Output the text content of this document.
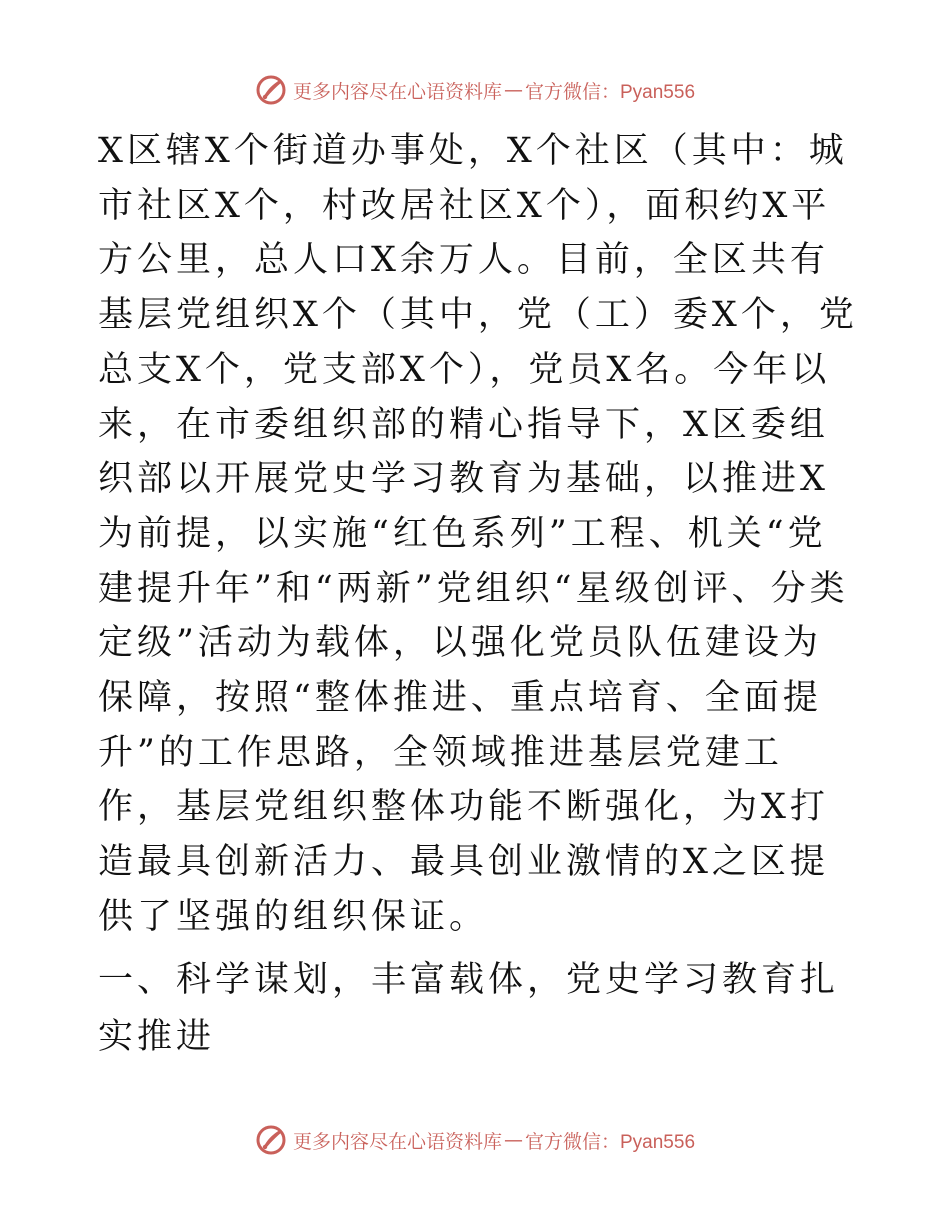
更多内容尽在心语资料库 — 官方微信：Pyan556

X区辖X个街道办事处，X个社区（其中：城市社区X个，村改居社区X个），面积约X平方公里，总人口X余万人。目前，全区共有基层党组织X个（其中，党（工）委X个，党总支X个，党支部X个），党员X名。今年以来，在市委组织部的精心指导下，X区委组织部以开展党史学习教育为基础，以推进X为前提，以实施“红色系列”工程、机关“党建提升年”和“两新”党组织“星级创评、分类定级”活动为载体，以强化党员队伍建设为保障，按照“整体推进、重点培育、全面提升”的工作思路，全领域推进基层党建工作，基层党组织整体功能不断强化，为X打造最具创新活力、最具创业激情的X之区提供了坚强的组织保证。

一、科学谋划，丰富载体，党史学习教育扎实推进

更多内容尽在心语资料库 — 官方微信：Pyan556
